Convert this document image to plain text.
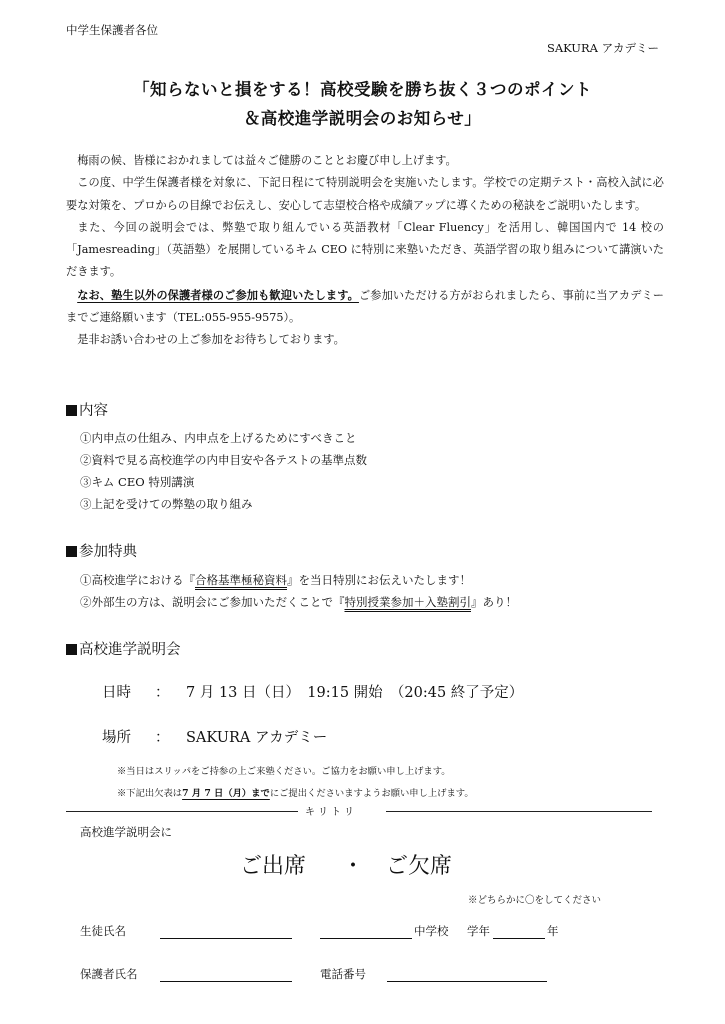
中学生保護者各位
SAKURA アカデミー
「知らないと損をする！高校受験を勝ち抜く３つのポイント
＆高校進学説明会のお知らせ」

梅雨の候、皆様におかれましては益々ご健勝のこととお慶び申し上げます。

この度、中学生保護者様を対象に、下記日程にて特別説明会を実施いたします。学校での定期テスト・高校入試に必要な対策を、プロからの目線でお伝えし、安心して志望校合格や成績アップに導くための秘訣をご説明いたします。

また、今回の説明会では、弊塾で取り組んでいる英語教材「Clear Fluency」を活用し、韓国国内で 14 校の「Jamesreading」（英語塾）を展開しているキム CEO に特別に来塾いただき、英語学習の取り組みについて講演いただきます。

なお、塾生以外の保護者様のご参加も歓迎いたします。ご参加いただける方がおられましたら、事前に当アカデミーまでご連絡願います（TEL:055-955-9575）。

是非お誘い合わせの上ご参加をお待ちしております。

内容
①内申点の仕組み、内申点を上げるためにすべきこと
②資料で見る高校進学の内申目安や各テストの基準点数
③キム CEO 特別講演
③上記を受けての弊塾の取り組み
参加特典
①高校進学における『合格基準極秘資料』を当日特別にお伝えいたします！
②外部生の方は、説明会にご参加いただくことで『特別授業参加＋入塾割引』あり！
高校進学説明会
日時 ： 7 月 13 日（日）　19:15 開始　（20:45 終了予定）
場所 ： SAKURA アカデミー
※当日はスリッパをご持参の上ご来塾ください。ご協力をお願い申し上げます。
※下記出欠表は7 月 7 日（月）までにご提出くださいますようお願い申し上げます。
キリトリ
高校進学説明会に
ご出席 ・ ご欠席
※どちらかに〇をしてください
生徒氏名	中学校 学年	年
保護者氏名	電話番号
